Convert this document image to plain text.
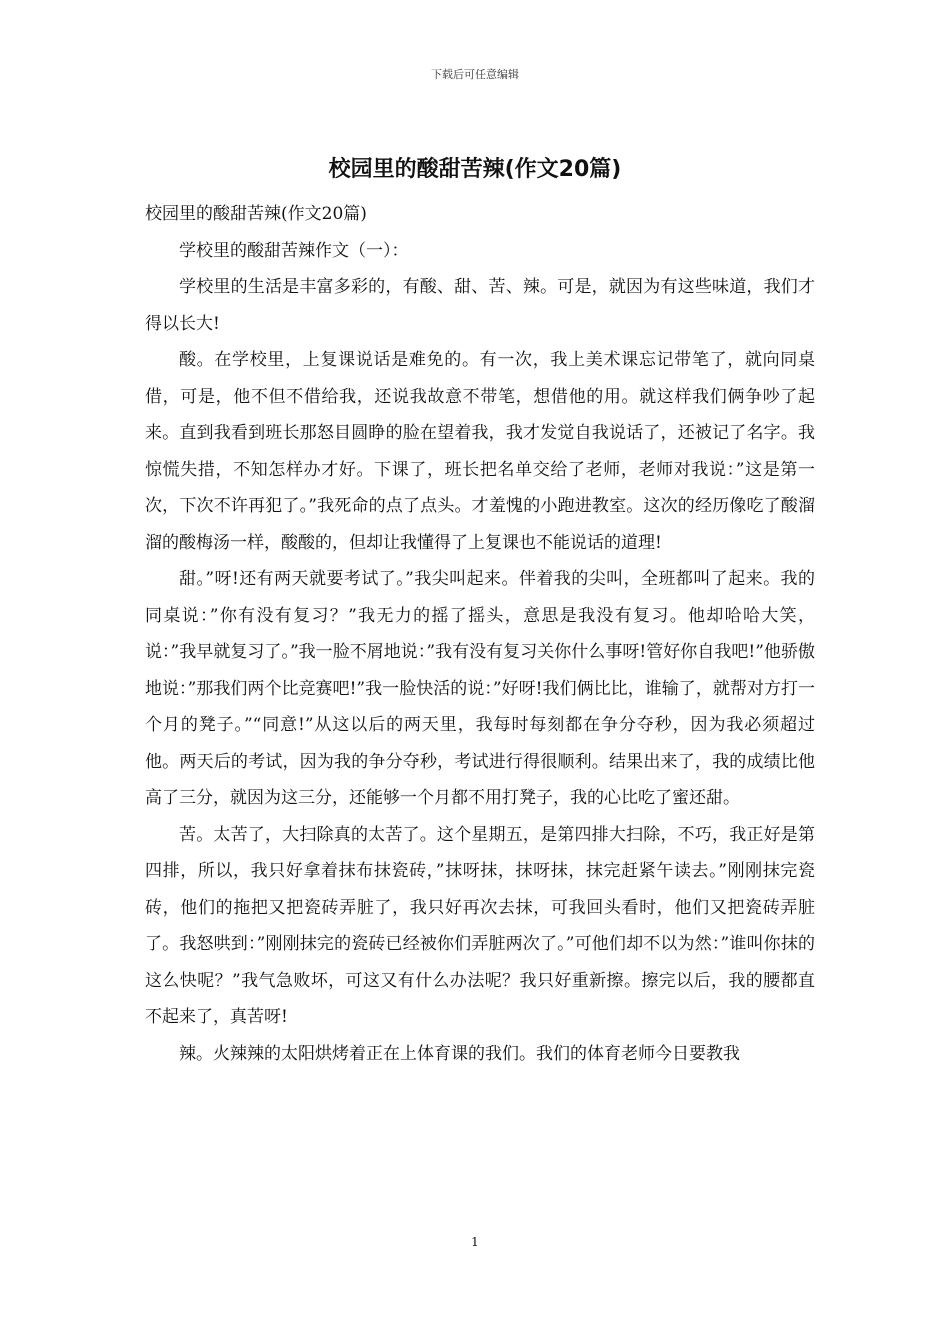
下载后可任意编辑
校园里的酸甜苦辣(作文20篇)

校园里的酸甜苦辣(作文20篇)

学校里的酸甜苦辣作文（一）：

学校里的生活是丰富多彩的，有酸、甜、苦、辣。可是，就因为有这些味道，我们才得以长大!

酸。在学校里，上复课说话是难免的。有一次，我上美术课忘记带笔了，就向同桌借，可是，他不但不借给我，还说我故意不带笔，想借他的用。就这样我们俩争吵了起来。直到我看到班长那怒目圆睁的脸在望着我，我才发觉自我说话了，还被记了名字。我惊慌失措，不知怎样办才好。下课了，班长把名单交给了老师，老师对我说：”这是第一次，下次不许再犯了。”我死命的点了点头。才羞愧的小跑进教室。这次的经历像吃了酸溜溜的酸梅汤一样，酸酸的，但却让我懂得了上复课也不能说话的道理!

甜。”呀!还有两天就要考试了。”我尖叫起来。伴着我的尖叫，全班都叫了起来。我的同桌说：”你有没有复习？”我无力的摇了摇头，意思是我没有复习。他却哈哈大笑，说：”我早就复习了。”我一脸不屑地说：”我有没有复习关你什么事呀!管好你自我吧!”他骄傲地说：”那我们两个比竞赛吧!”我一脸快活的说：”好呀!我们俩比比，谁输了，就帮对方打一个月的凳子。”“同意!”从这以后的两天里，我每时每刻都在争分夺秒，因为我必须超过他。两天后的考试，因为我的争分夺秒，考试进行得很顺利。结果出来了，我的成绩比他高了三分，就因为这三分，还能够一个月都不用打凳子，我的心比吃了蜜还甜。

苦。太苦了，大扫除真的太苦了。这个星期五，是第四排大扫除，不巧，我正好是第四排，所以，我只好拿着抹布抹瓷砖，”抹呀抹，抹呀抹，抹完赶紧午读去。”刚刚抹完瓷砖，他们的拖把又把瓷砖弄脏了，我只好再次去抹，可我回头看时，他们又把瓷砖弄脏了。我怒哄到：”刚刚抹完的瓷砖已经被你们弄脏两次了。”可他们却不以为然：”谁叫你抹的这么快呢？”我气急败坏，可这又有什么办法呢？我只好重新擦。擦完以后，我的腰都直不起来了，真苦呀!

辣。火辣辣的太阳烘烤着正在上体育课的我们。我们的体育老师今日要教我

1
